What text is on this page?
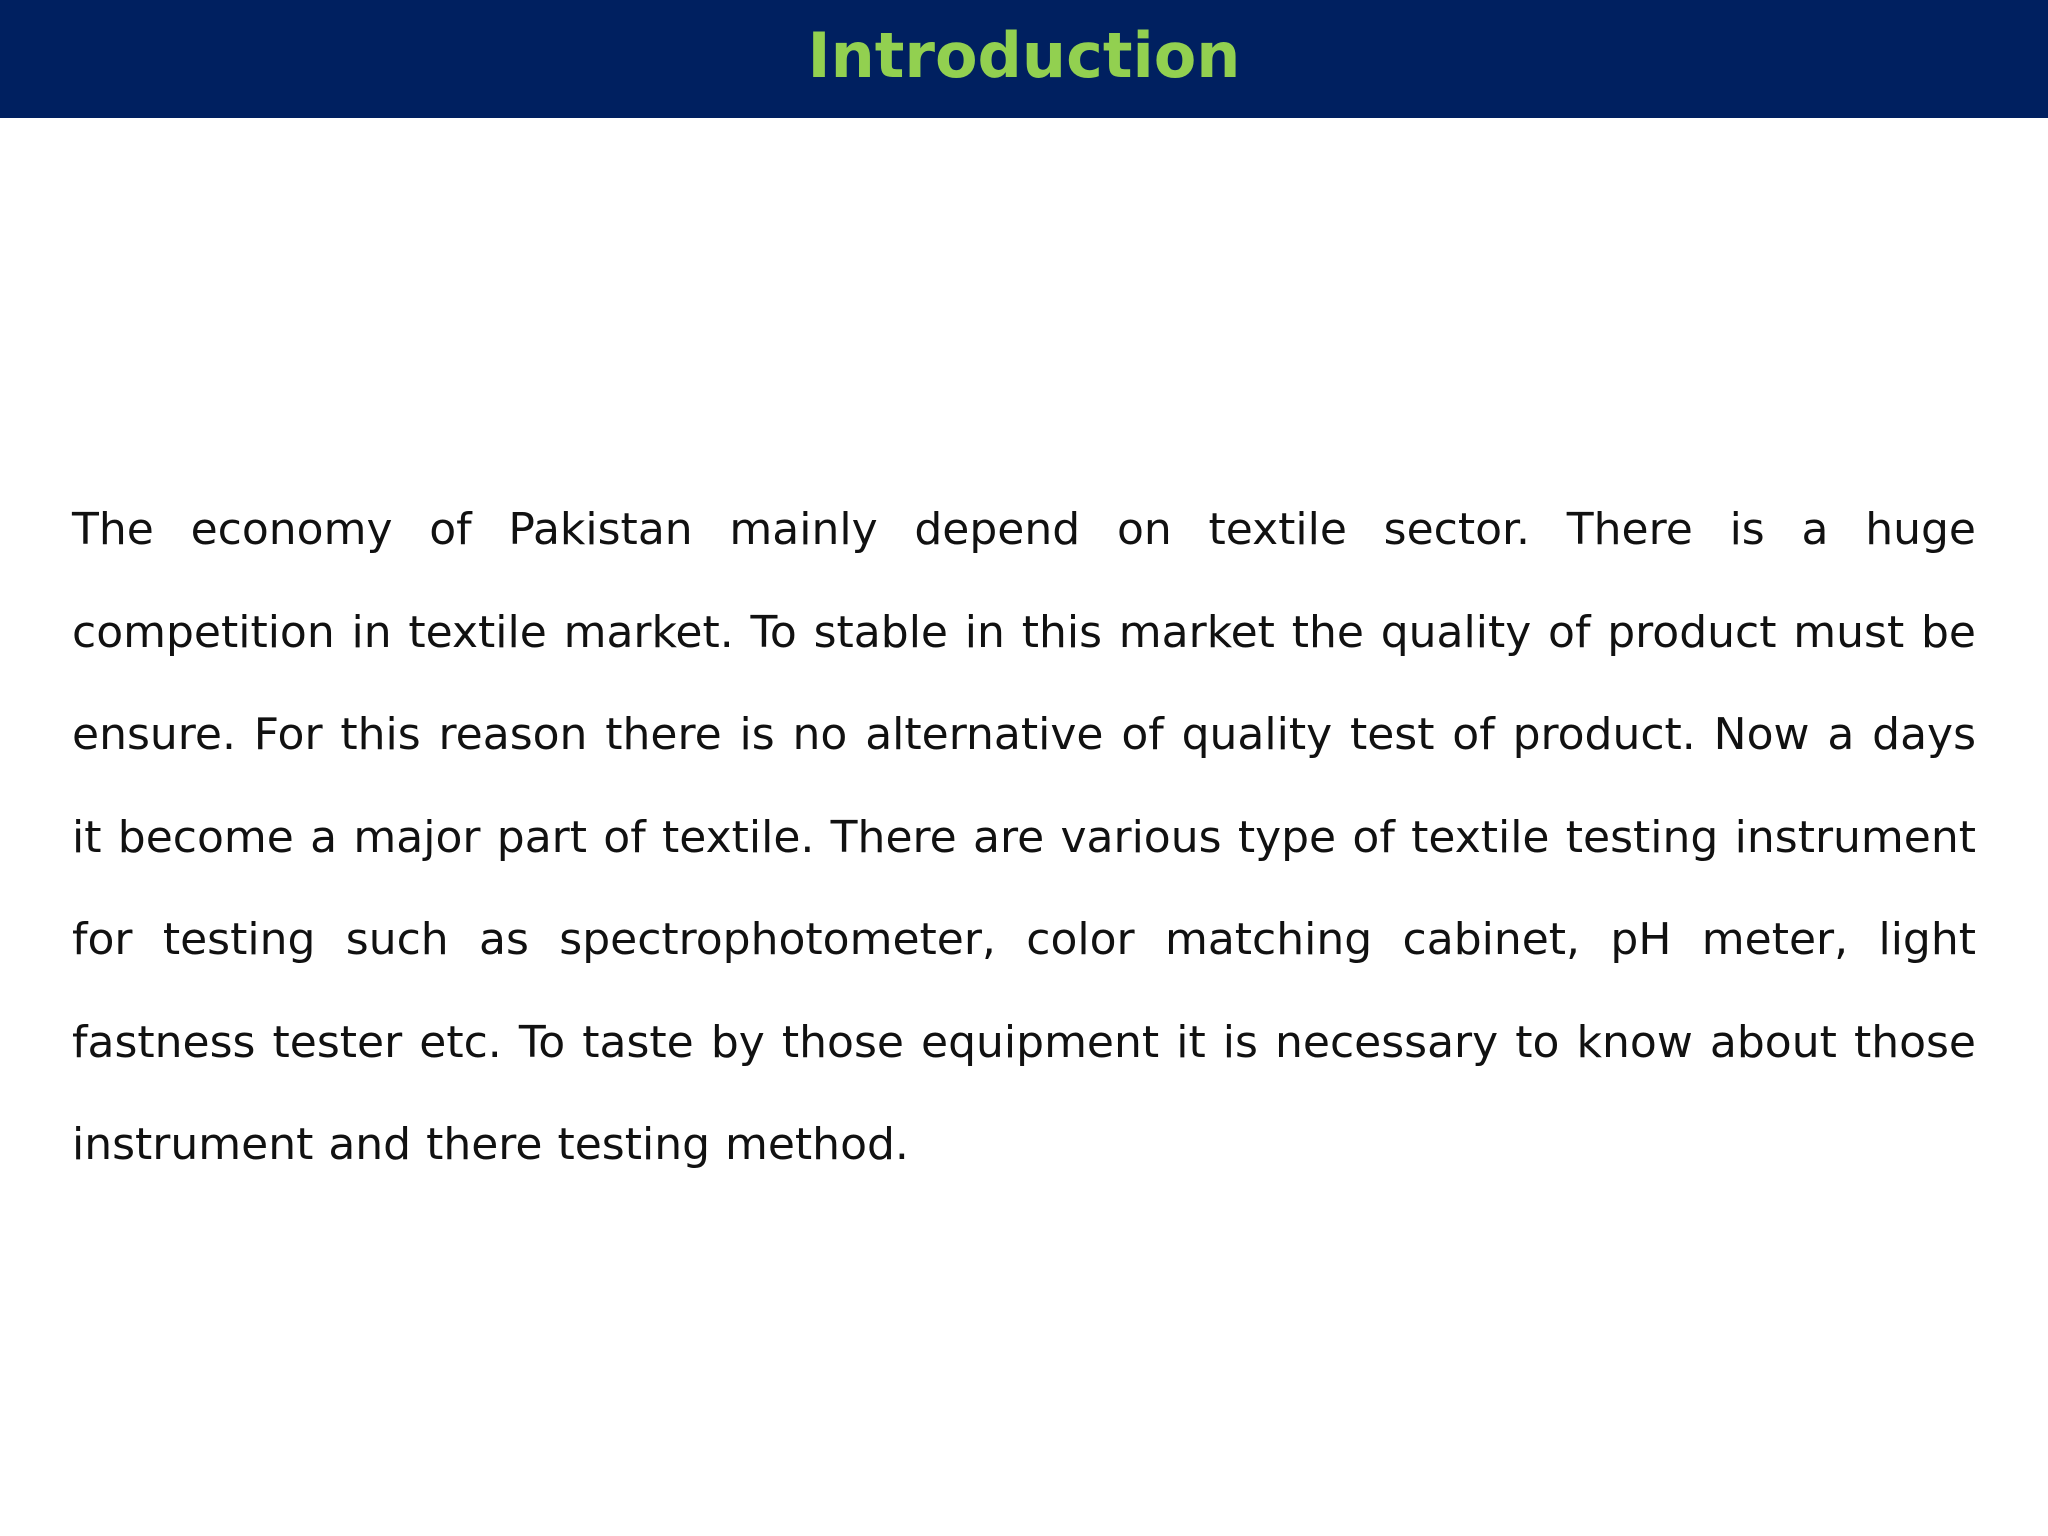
Introduction

The economy of Pakistan mainly depend on textile sector. There is a huge competition in textile market. To stable in this market the quality of product must be ensure. For this reason there is no alternative of quality test of product. Now a days it become a major part of textile. There are various type of textile testing instrument for testing such as spectrophotometer, color matching cabinet, pH meter, light fastness tester etc. To taste by those equipment it is necessary to know about those instrument and there testing method.
